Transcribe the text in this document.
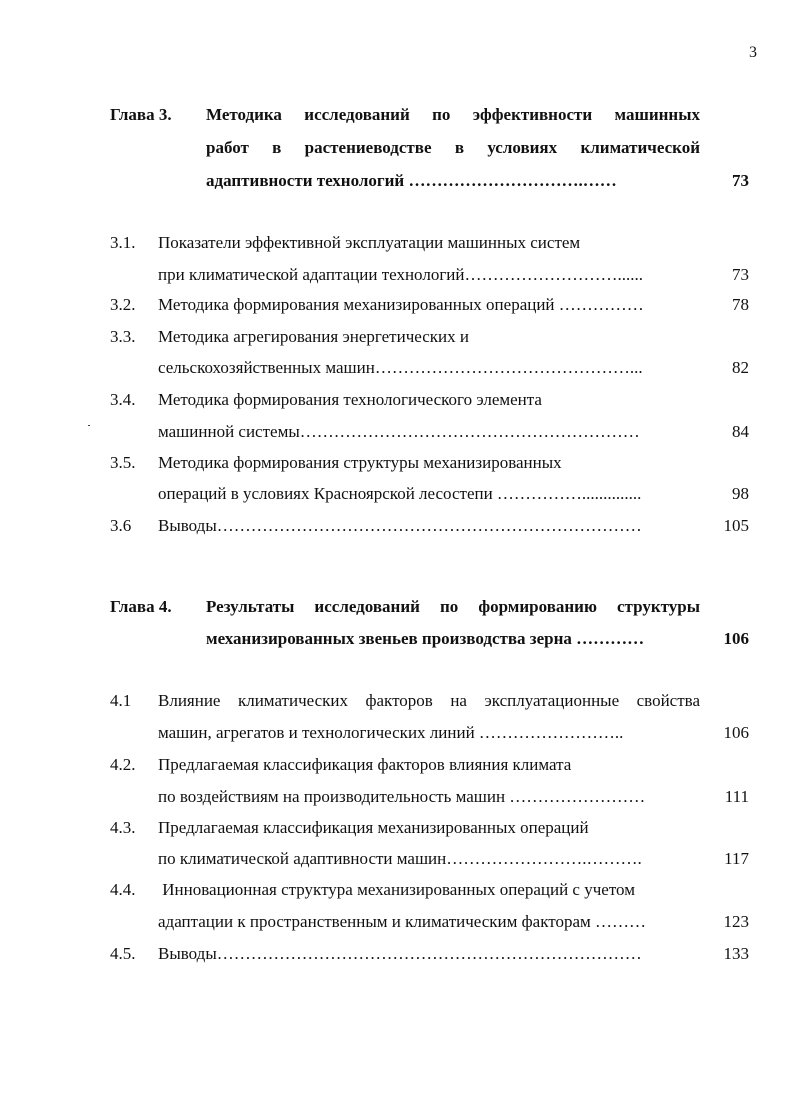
3
Глава 3. Методика исследований по эффективности машинных
работ в растениеводстве в условиях климатической
адаптивности технологий ………………………….……	73
3.1. Показатели эффективной эксплуатации машинных систем
при климатической адаптации технологий………………………......	73
3.2. Методика формирования механизированных операций ……………	78
3.3. Методика агрегирования энергетических и
сельскохозяйственных машин………………………………………...	82
3.4. Методика формирования технологического элемента
машинной системы……………………………………………………	84
3.5. Методика формирования структуры механизированных
операций в условиях Красноярской лесостепи ……………..............	98
3.6 Выводы…………………………………………………………………	105
Глава 4. Результаты исследований по формированию структуры
механизированных звеньев производства зерна …………	106
4.1 Влияние климатических факторов на эксплуатационные свойства
машин, агрегатов и технологических линий ……………………..	106
4.2. Предлагаемая классификация факторов влияния климата
по воздействиям на производительность машин ……………………	111
4.3. Предлагаемая классификация механизированных операций
по климатической адаптивности машин…………………….……….	117
4.4. Инновационная структура механизированных операций с учетом
адаптации к пространственным и климатическим факторам ………	123
4.5. Выводы…………………………………………………………………	133
